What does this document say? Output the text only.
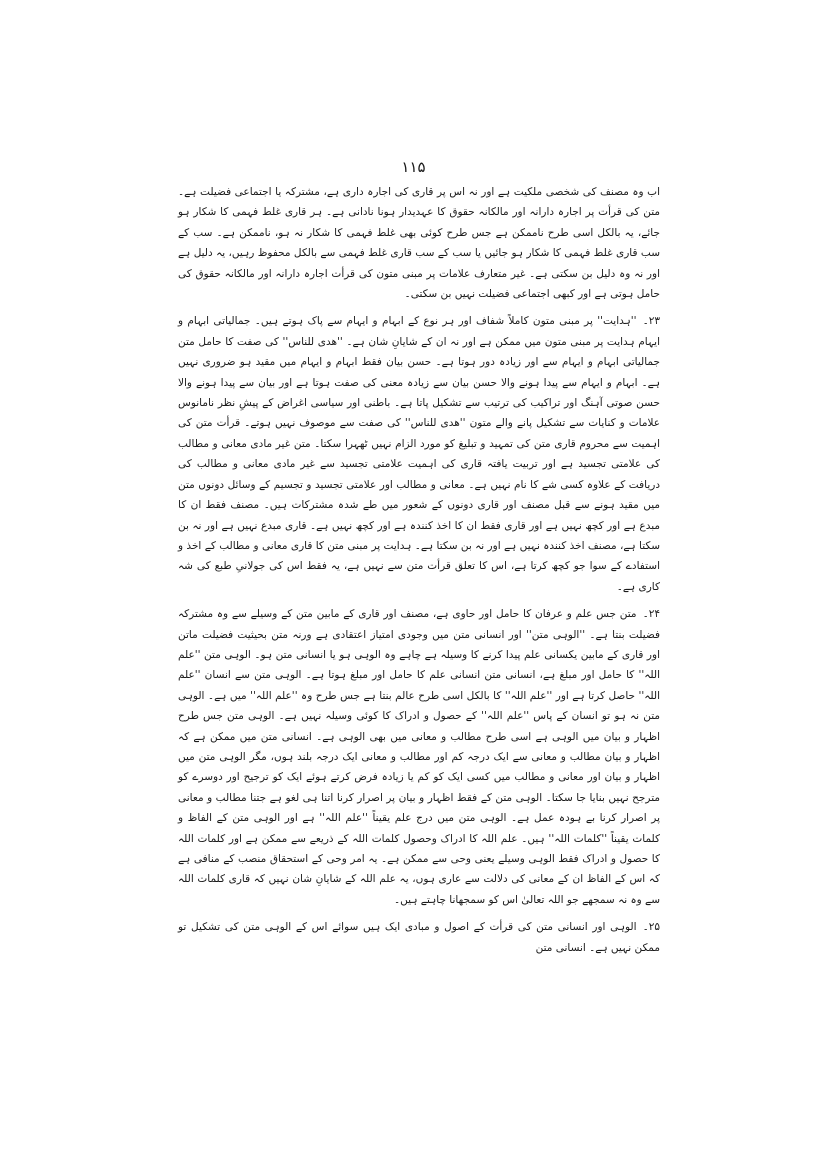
۱۱۵

اب وہ مصنف کی شخصی ملکیت ہے اور نہ اس پر قاری کی اجارہ داری ہے، مشترکہ یا اجتماعی فضیلت ہے۔ متن کی قرأت پر اجارہ دارانہ اور مالکانہ حقوق کا عہدیدار ہونا نادانی ہے۔ ہر قاری غلط فہمی کا شکار ہو جائے، یہ بالکل اسی طرح ناممکن ہے جس طرح کوئی بھی غلط فہمی کا شکار نہ ہو، ناممکن ہے۔ سب کے سب قاری غلط فہمی کا شکار ہو جائیں یا سب کے سب قاری غلط فہمی سے بالکل محفوظ رہیں، یہ دلیل ہے اور نہ وہ دلیل بن سکتی ہے۔ غیر متعارف علامات پر مبنی متون کی قرأت اجارہ دارانہ اور مالکانہ حقوق کی حامل ہوتی ہے اور کبھی اجتماعی فضیلت نہیں بن سکتی۔

۲۳۔''ہدایت'' پر مبنی متون کاملاً شفاف اور ہر نوع کے ابہام و ایہام سے پاک ہوتے ہیں۔ جمالیاتی ابہام و ایہام ہدایت پر مبنی متون میں ممکن ہے اور نہ ان کے شایانِ شان ہے۔ ''ھدی للناس'' کی صفت کا حامل متن جمالیاتی ابہام و ایہام سے اور زیادہ دور ہوتا ہے۔ حسن بیان فقط ابہام و ایہام میں مقید ہو ضروری نہیں ہے۔ ابہام و ایہام سے پیدا ہونے والا حسن بیان سے زیادہ معنی کی صفت ہوتا ہے اور بیان سے پیدا ہونے والا حسن صوتی آہنگ اور تراکیب کی ترتیب سے تشکیل پاتا ہے۔ باطنی اور سیاسی اغراض کے پیشِ نظر نامانوس علامات و کنایات سے تشکیل پانے والے متون ''ھدی للناس'' کی صفت سے موصوف نہیں ہوتے۔ قرأت متن کی اہمیت سے محروم قاری متن کی تمہید و تبلیغ کو مورد الزام نہیں ٹھہرا سکتا۔ متن غیر مادی معانی و مطالب کی علامتی تجسید ہے اور تربیت یافتہ قاری کی اہمیت علامتی تجسید سے غیر مادی معانی و مطالب کی دریافت کے علاوہ کسی شے کا نام نہیں ہے۔ معانی و مطالب اور علامتی تجسید و تجسیم کے وسائل دونوں متن میں مقید ہونے سے قبل مصنف اور قاری دونوں کے شعور میں طے شدہ مشترکات ہیں۔ مصنف فقط ان کا مبدع ہے اور کچھ نہیں ہے اور قاری فقط ان کا اخذ کنندہ ہے اور کچھ نہیں ہے۔ قاری مبدع نہیں ہے اور نہ بن سکتا ہے، مصنف اخذ کنندہ نہیں ہے اور نہ بن سکتا ہے۔ ہدایت پر مبنی متن کا قاری معانی و مطالب کے اخذ و استفادے کے سوا جو کچھ کرتا ہے، اس کا تعلق قرأت متن سے نہیں ہے، یہ فقط اس کی جولانیِ طبع کی شہ کاری ہے۔

۲۴۔متن جس علم و عرفان کا حامل اور حاوی ہے، مصنف اور قاری کے مابین متن کے وسیلے سے وہ مشترکہ فضیلت بنتا ہے۔ ''الوہی متن'' اور انسانی متن میں وجودی امتیاز اعتقادی ہے ورنہ متن بحیثیت فضیلت ماتن اور قاری کے مابین یکسانی علم پیدا کرنے کا وسیلہ ہے چاہے وہ الوہی ہو یا انسانی متن ہو۔ الوہی متن ''علم اللہ'' کا حامل اور مبلغ ہے، انسانی متن انسانی علم کا حامل اور مبلغ ہوتا ہے۔ الوہی متن سے انسان ''علم اللہ'' حاصل کرتا ہے اور ''علم اللہ'' کا بالکل اسی طرح عالم بنتا ہے جس طرح وہ ''علم اللہ'' میں ہے۔ الوہی متن نہ ہو تو انسان کے پاس ''علم اللہ'' کے حصول و ادراک کا کوئی وسیلہ نہیں ہے۔ الوہی متن جس طرح اظہار و بیان میں الوہی ہے اسی طرح مطالب و معانی میں بھی الوہی ہے۔ انسانی متن میں ممکن ہے کہ اظہار و بیان مطالب و معانی سے ایک درجہ کم اور مطالب و معانی ایک درجہ بلند ہوں، مگر الوہی متن میں اظہار و بیان اور معانی و مطالب میں کسی ایک کو کم یا زیادہ فرض کرتے ہوئے ایک کو ترجیح اور دوسرے کو مترجح نہیں بنایا جا سکتا۔ الوہی متن کے فقط اظہار و بیان پر اصرار کرنا اتنا ہی لغو ہے جتنا مطالب و معانی پر اصرار کرنا بے ہودہ عمل ہے۔ الوہی متن میں درج علم یقیناً ''علم اللہ'' ہے اور الوہی متن کے الفاظ و کلمات یقیناً ''کلمات اللہ'' ہیں۔ علم اللہ کا ادراک وحصول کلمات اللہ کے ذریعے سے ممکن ہے اور کلمات اللہ کا حصول و ادراک فقط الوہی وسیلے یعنی وحی سے ممکن ہے۔ یہ امر وحی کے استحقاق منصب کے منافی ہے کہ اس کے الفاظ ان کے معانی کی دلالت سے عاری ہوں، یہ علم اللہ کے شایانِ شان نہیں کہ قاری کلمات اللہ سے وہ نہ سمجھے جو اللہ تعالیٰ اس کو سمجھانا چاہتے ہیں۔

۲۵۔الوہی اور انسانی متن کی قرأت کے اصول و مبادی ایک ہیں سوائے اس کے الوہی متن کی تشکیل تو ممکن نہیں ہے۔ انسانی متن
